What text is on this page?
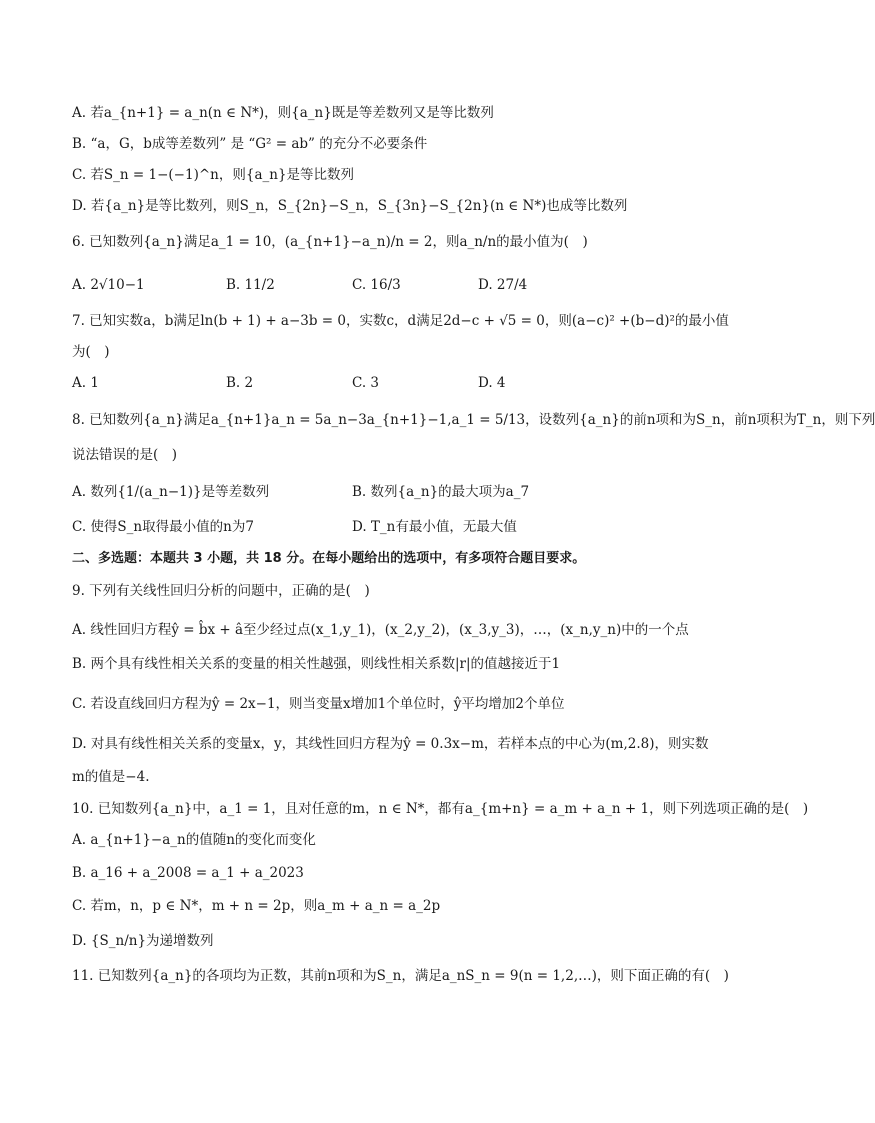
A. 若a_{n+1} = a_n(n ∈ N*)，则{a_n}既是等差数列又是等比数列
B. “a，G，b成等差数列” 是 “G² = ab” 的充分不必要条件
C. 若S_n = 1−(−1)^n，则{a_n}是等比数列
D. 若{a_n}是等比数列，则S_n，S_{2n}−S_n，S_{3n}−S_{2n}(n ∈ N*)也成等比数列
6. 已知数列{a_n}满足a_1 = 10，(a_{n+1}−a_n)/n = 2，则a_n/n的最小值为(　)
A. 2√10−1	B. 11/2	C. 16/3	D. 27/4
7. 已知实数a，b满足ln(b + 1) + a−3b = 0，实数c，d满足2d−c + √5 = 0，则(a−c)² +(b−d)²的最小值
为(　)
A. 1	B. 2	C. 3	D. 4
8. 已知数列{a_n}满足a_{n+1}a_n = 5a_n−3a_{n+1}−1,a_1 = 5/13，设数列{a_n}的前n项和为S_n，前n项积为T_n，则下列
说法错误的是(　)
A. 数列{1/(a_n−1)}是等差数列	B. 数列{a_n}的最大项为a_7
C. 使得S_n取得最小值的n为7	D. T_n有最小值，无最大值
二、多选题：本题共 3 小题，共 18 分。在每小题给出的选项中，有多项符合题目要求。
9. 下列有关线性回归分析的问题中，正确的是(　)
A. 线性回归方程ŷ = b̂x + â至少经过点(x_1,y_1)，(x_2,y_2)，(x_3,y_3)，…，(x_n,y_n)中的一个点
B. 两个具有线性相关关系的变量的相关性越强，则线性相关系数|r|的值越接近于1
C. 若设直线回归方程为ŷ = 2x−1，则当变量x增加1个单位时，ŷ平均增加2个单位
D. 对具有线性相关关系的变量x，y，其线性回归方程为ŷ = 0.3x−m，若样本点的中心为(m,2.8)，则实数
m的值是−4.
10. 已知数列{a_n}中，a_1 = 1，且对任意的m，n ∈ N*，都有a_{m+n} = a_m + a_n + 1，则下列选项正确的是(　)
A. a_{n+1}−a_n的值随n的变化而变化
B. a_16 + a_2008 = a_1 + a_2023
C. 若m，n，p ∈ N*，m + n = 2p，则a_m + a_n = a_2p
D. {S_n/n}为递增数列
11. 已知数列{a_n}的各项均为正数，其前n项和为S_n，满足a_nS_n = 9(n = 1,2,…)，则下面正确的有(　)
